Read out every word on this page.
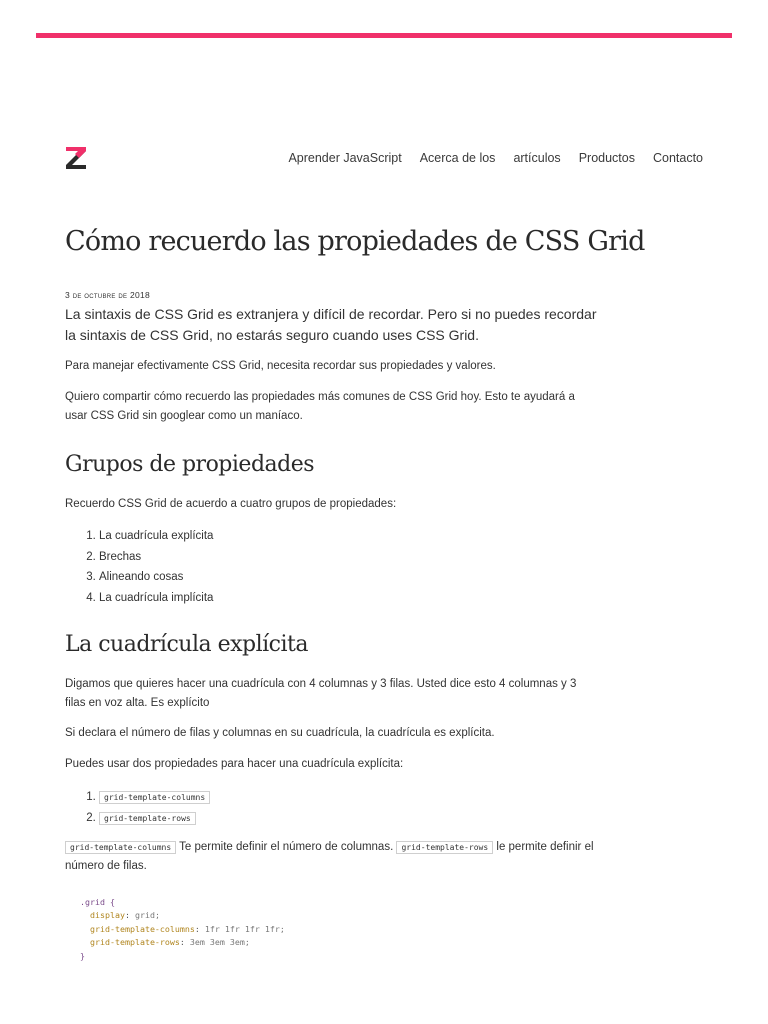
Aprender JavaScript Acerca de los artículos Productos Contacto
Cómo recuerdo las propiedades de CSS Grid

3 de octubre de 2018

La sintaxis de CSS Grid es extranjera y difícil de recordar. Pero si no puedes recordar la sintaxis de CSS Grid, no estarás seguro cuando uses CSS Grid.

Para manejar efectivamente CSS Grid, necesita recordar sus propiedades y valores.

Quiero compartir cómo recuerdo las propiedades más comunes de CSS Grid hoy. Esto te ayudará a usar CSS Grid sin googlear como un maníaco.

Grupos de propiedades

Recuerdo CSS Grid de acuerdo a cuatro grupos de propiedades:

1. La cuadrícula explícita
2. Brechas
3. Alineando cosas
4. La cuadrícula implícita
La cuadrícula explícita

Digamos que quieres hacer una cuadrícula con 4 columnas y 3 filas. Usted dice esto 4 columnas y 3 filas en voz alta. Es explícito

Si declara el número de filas y columnas en su cuadrícula, la cuadrícula es explícita.

Puedes usar dos propiedades para hacer una cuadrícula explícita:

1. grid-template-columns
2. grid-template-rows

grid-template-columns Te permite definir el número de columnas. grid-template-rows le permite definir el número de filas.

.grid {
display: grid;
grid-template-columns: 1fr 1fr 1fr 1fr;
grid-template-rows: 3em 3em 3em;
}
